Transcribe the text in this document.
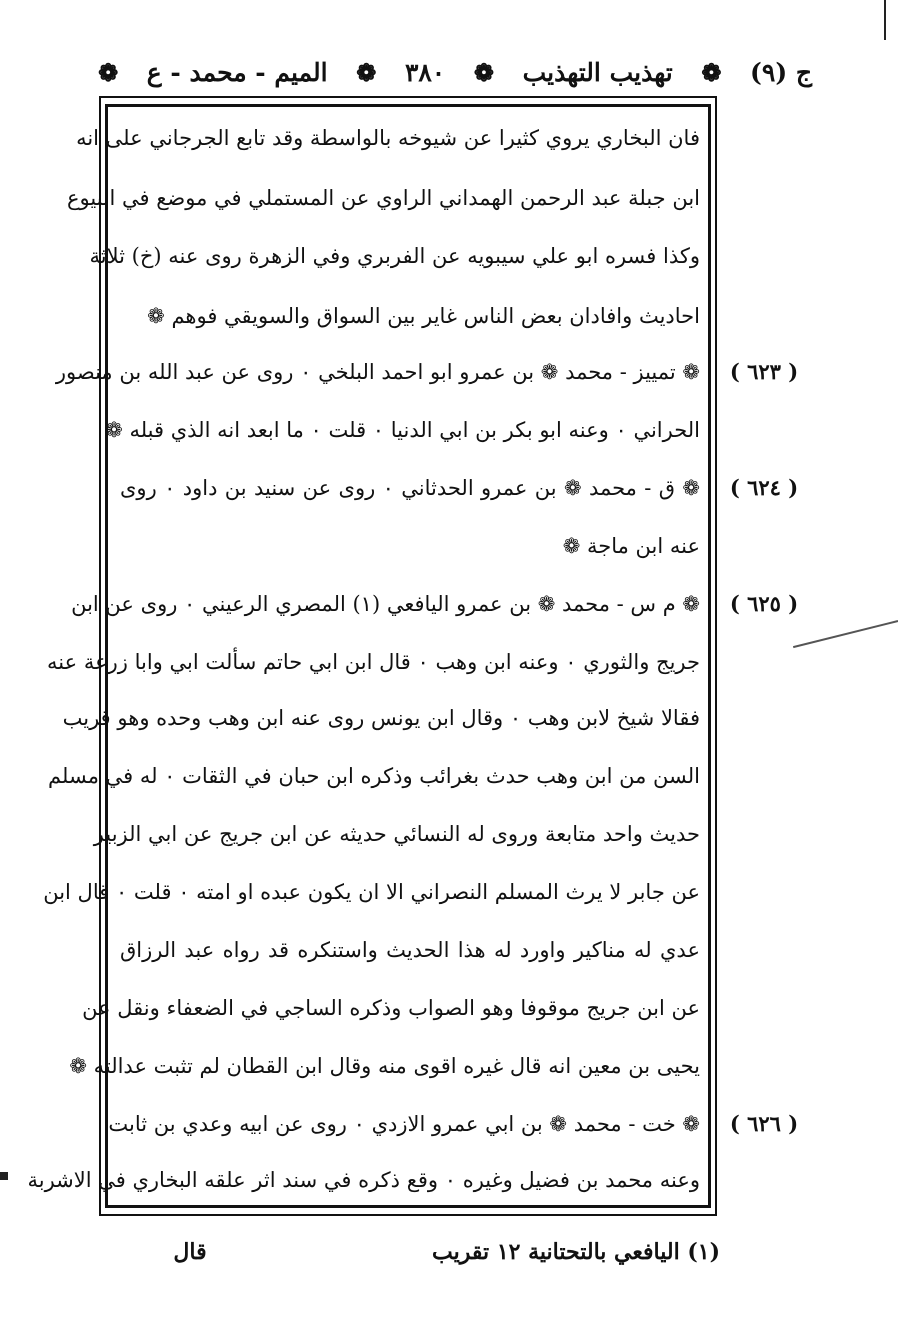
ج (٩)
❁
تهذيب التهذيب
❁
٣٨٠
❁
الميم - محمد - ع
❁
فان البخاري يروي كثيرا عن شيوخه بالواسطة وقد تابع الجرجاني على انه
ابن جبلة عبد الرحمن الهمداني الراوي عن المستملي في موضع في البيوع
وكذا فسره ابو علي سيبويه عن الفربري وفي الزهرة روى عنه (خ) ثلاثة
احاديث وافادان بعض الناس غاير بين السواق والسويقي فوهم ❁
❁ تمييز - محمد ❁ بن عمرو ابو احمد البلخي ۰ روى عن عبد الله بن منصور
الحراني ۰ وعنه ابو بكر بن ابي الدنيا ۰ قلت ۰ ما ابعد انه الذي قبله ❁
❁ ق - محمد ❁ بن عمرو الحدثاني ۰ روى عن سنيد بن داود ۰ روى
عنه ابن ماجة ❁
❁ م س - محمد ❁ بن عمرو اليافعي (١) المصري الرعيني ۰ روى عن ابن
جريج والثوري ۰ وعنه ابن وهب ۰ قال ابن ابي حاتم سألت ابي وابا زرعة عنه
فقالا شيخ لابن وهب ۰ وقال ابن يونس روى عنه ابن وهب وحده وهو قريب
السن من ابن وهب حدث بغرائب وذكره ابن حبان في الثقات ۰ له في مسلم
حديث واحد متابعة وروى له النسائي حديثه عن ابن جريج عن ابي الزبير
عن جابر لا يرث المسلم النصراني الا ان يكون عبده او امته ۰ قلت ۰ قال ابن
عدي له مناكير واورد له هذا الحديث واستنكره قد رواه عبد الرزاق
عن ابن جريج موقوفا وهو الصواب وذكره الساجي في الضعفاء ونقل عن
يحيى بن معين انه قال غيره اقوى منه وقال ابن القطان لم تثبت عدالته ❁
❁ خت - محمد ❁ بن ابي عمرو الازدي ۰ روى عن ابيه وعدي بن ثابت
وعنه محمد بن فضيل وغيره ۰ وقع ذكره في سند اثر علقه البخاري في الاشربة
( ٦٢٣ )
( ٦٢٤ )
( ٦٢٥ )
( ٦٢٦ )
(١) اليافعي بالتحتانية ١٢ تقريب
قال
